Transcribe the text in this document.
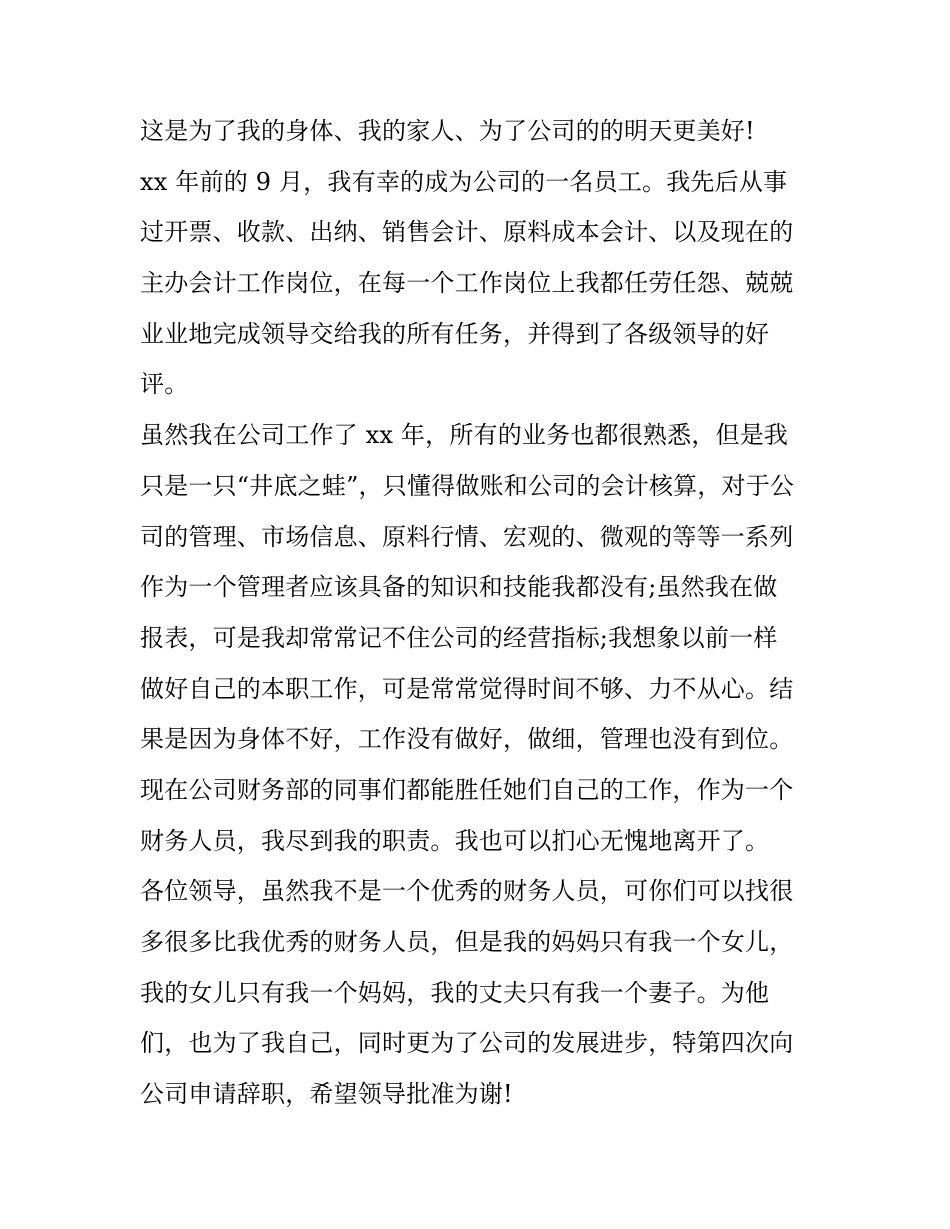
这是为了我的身体、我的家人、为了公司的的明天更美好!
xx 年前的 9 月，我有幸的成为公司的一名员工。我先后从事
过开票、收款、出纳、销售会计、原料成本会计、以及现在的
主办会计工作岗位，在每一个工作岗位上我都任劳任怨、兢兢
业业地完成领导交给我的所有任务，并得到了各级领导的好
评。
虽然我在公司工作了 xx 年，所有的业务也都很熟悉，但是我
只是一只“井底之蛙”，只懂得做账和公司的会计核算，对于公
司的管理、市场信息、原料行情、宏观的、微观的等等一系列
作为一个管理者应该具备的知识和技能我都没有;虽然我在做
报表，可是我却常常记不住公司的经营指标;我想象以前一样
做好自己的本职工作，可是常常觉得时间不够、力不从心。结
果是因为身体不好，工作没有做好，做细，管理也没有到位。
现在公司财务部的同事们都能胜任她们自己的工作，作为一个
财务人员，我尽到我的职责。我也可以扪心无愧地离开了。
各位领导，虽然我不是一个优秀的财务人员，可你们可以找很
多很多比我优秀的财务人员，但是我的妈妈只有我一个女儿，
我的女儿只有我一个妈妈，我的丈夫只有我一个妻子。为他
们，也为了我自己，同时更为了公司的发展进步，特第四次向
公司申请辞职，希望领导批准为谢!
